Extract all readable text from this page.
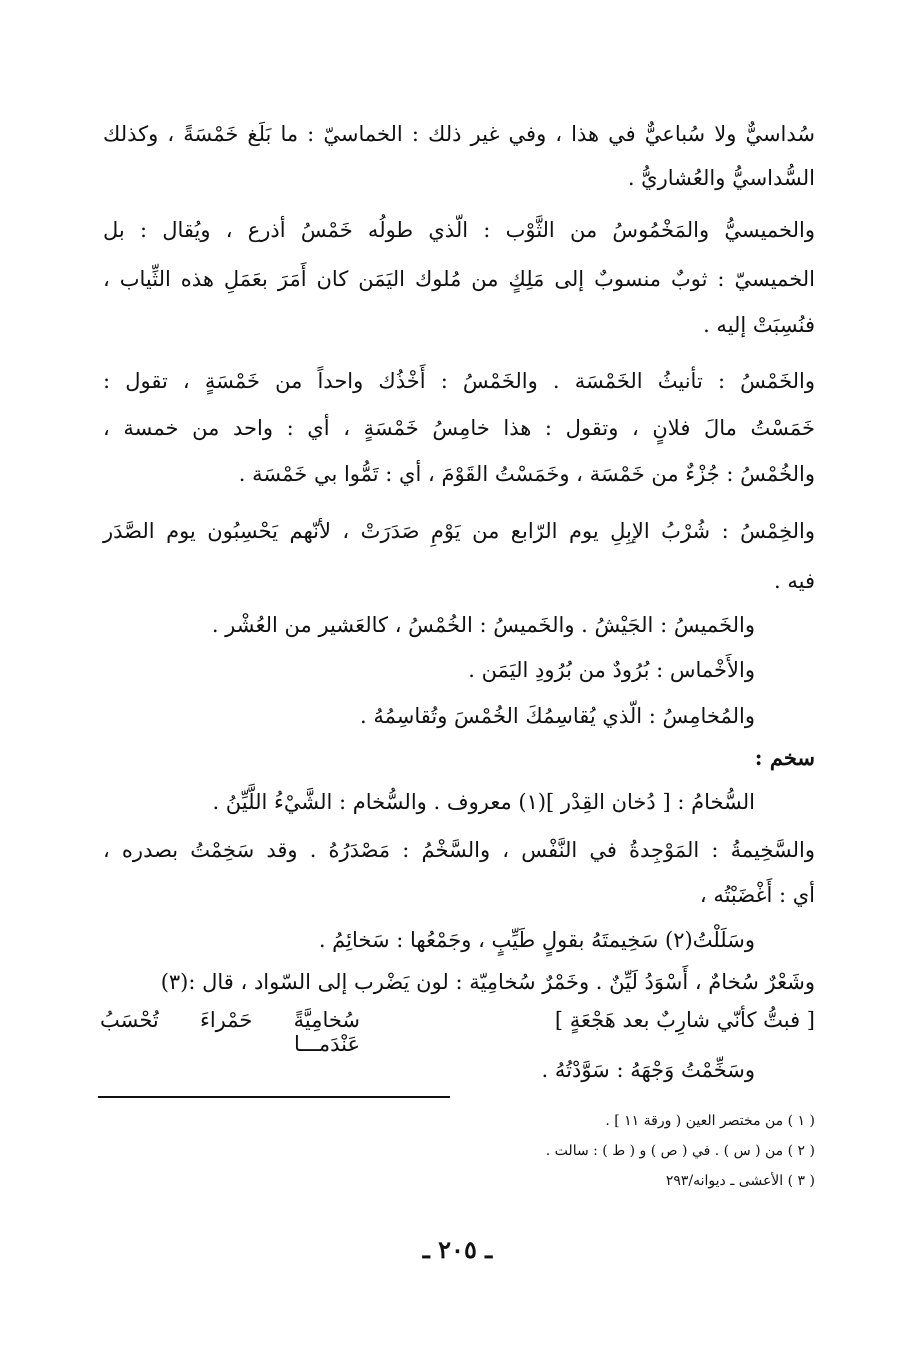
سُداسيٌّ ولا سُباعيٌّ في هذا ، وفي غير ذلك : الخماسيّ : ما بَلَغ خَمْسَةً ، وكذلك
السُّداسيُّ والعُشاريُّ .
والخميسيُّ والمَخْمُوسُ من الثَّوْب : الّذي طولُه خَمْسُ أذرع ، ويُقال : بل
الخميسيّ : ثوبٌ منسوبٌ إلى مَلِكٍ من مُلوك اليَمَن كان أَمَرَ بعَمَلِ هذه الثِّياب ،
فنُسِبَتْ إليه .
والخَمْسُ : تأنيثُ الخَمْسَة . والخَمْسُ : أَخْذُك واحداً من خَمْسَةٍ ، تقول :
خَمَسْتُ مالَ فلانٍ ، وتقول : هذا خامِسُ خَمْسَةٍ ، أي : واحد من خمسة ،
والخُمْسُ : جُزْءٌ من خَمْسَة ، وخَمَسْتُ القَوْمَ ، أي : تَمُّوا بي خَمْسَة .
والخِمْسُ : شُرْبُ الإبِلِ يوم الرّابع من يَوْمِ صَدَرَتْ ، لأنّهم يَحْسِبُون يوم الصَّدَر
فيه .
والخَميسُ : الجَيْشُ . والخَميسُ : الخُمْسُ ، كالعَشير من العُشْر .
والأَخْماس : بُرُودٌ من بُرُودِ اليَمَن .
والمُخامِسُ : الّذي يُقاسِمُكَ الخُمْسَ وتُقاسِمُهُ .
سخم :
السُّخامُ : [ دُخان القِدْر ](١) معروف . والسُّخام : الشَّيْءُ اللَّيِّنُ .
والسَّخِيمةُ : المَوْجِدةُ في النَّفْس ، والسَّخْمُ : مَصْدَرُهُ . وقد سَخِمْتُ بصدره ،
أي : أَغْضَبْتُه ،
وسَلَلْتُ(٢) سَخِيمتَهُ بقولٍ طَيِّبٍ ، وجَمْعُها : سَخائِمُ .
وشَعْرٌ سُخامٌ ، أَسْوَدُ لَيِّنٌ . وخَمْرٌ سُخامِيّة : لون يَضْرب إلى السّواد ، قال :(٣)
[ فبتُّ كأنّي شارِبٌ بعد هَجْعَةٍ ]
سُخامِيَّةً حَمْراءَ تُحْسَبُ عَنْدَمـــا
وسَخِّمْتُ وَجْهَهُ : سَوَّدْتُهُ .
( ١ ) من مختصر العين ( ورقة ١١ ] .
( ٢ ) من ( س ) . في ( ص ) و ( ط ) : سالت .
( ٣ ) الأعشى ـ ديوانه/٢٩٣
ـ ٢٠٥ ـ
